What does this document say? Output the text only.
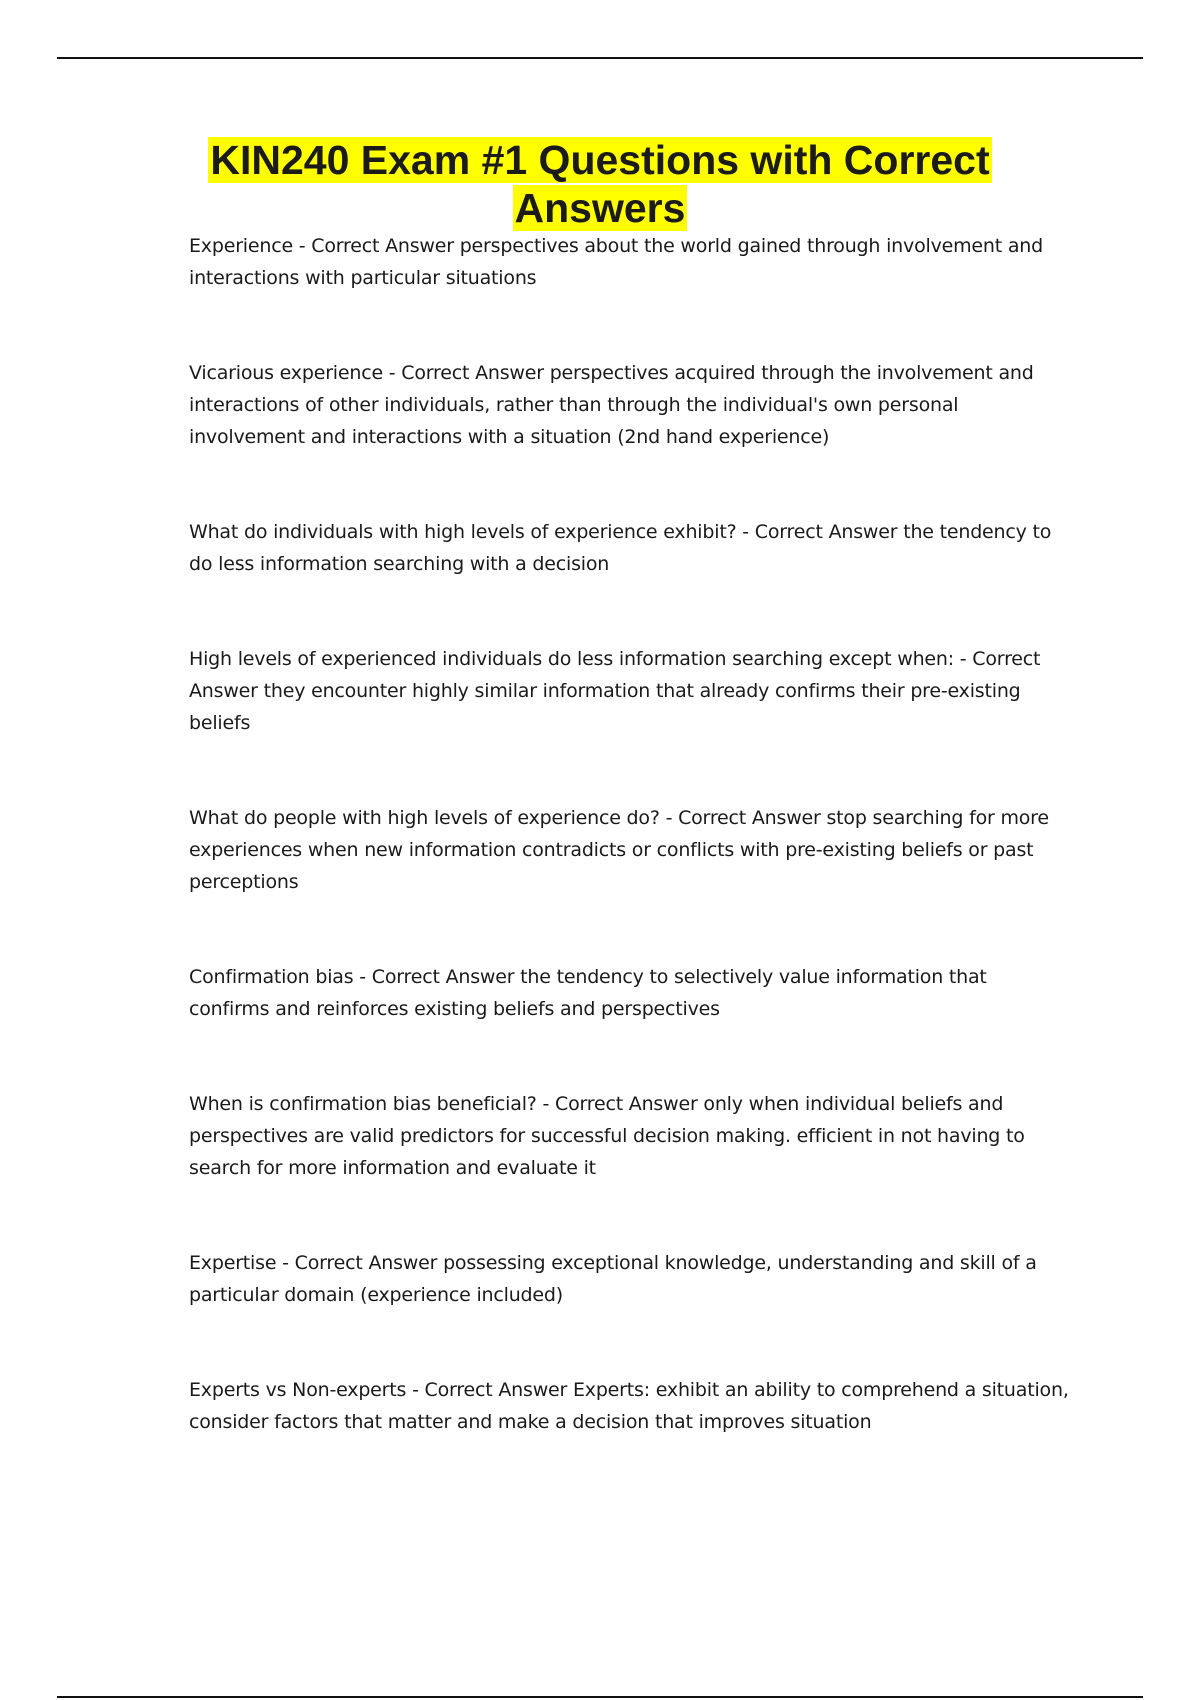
KIN240 Exam #1 Questions with Correct Answers

Experience - Correct Answer perspectives about the world gained through involvement and interactions with particular situations

Vicarious experience - Correct Answer perspectives acquired through the involvement and interactions of other individuals, rather than through the individual's own personal involvement and interactions with a situation (2nd hand experience)

What do individuals with high levels of experience exhibit? - Correct Answer the tendency to do less information searching with a decision

High levels of experienced individuals do less information searching except when: - Correct Answer they encounter highly similar information that already confirms their pre-existing beliefs

What do people with high levels of experience do? - Correct Answer stop searching for more experiences when new information contradicts or conflicts with pre-existing beliefs or past perceptions

Confirmation bias - Correct Answer the tendency to selectively value information that confirms and reinforces existing beliefs and perspectives

When is confirmation bias beneficial? - Correct Answer only when individual beliefs and perspectives are valid predictors for successful decision making. efficient in not having to search for more information and evaluate it

Expertise - Correct Answer possessing exceptional knowledge, understanding and skill of a particular domain (experience included)

Experts vs Non-experts - Correct Answer Experts: exhibit an ability to comprehend a situation, consider factors that matter and make a decision that improves situation
